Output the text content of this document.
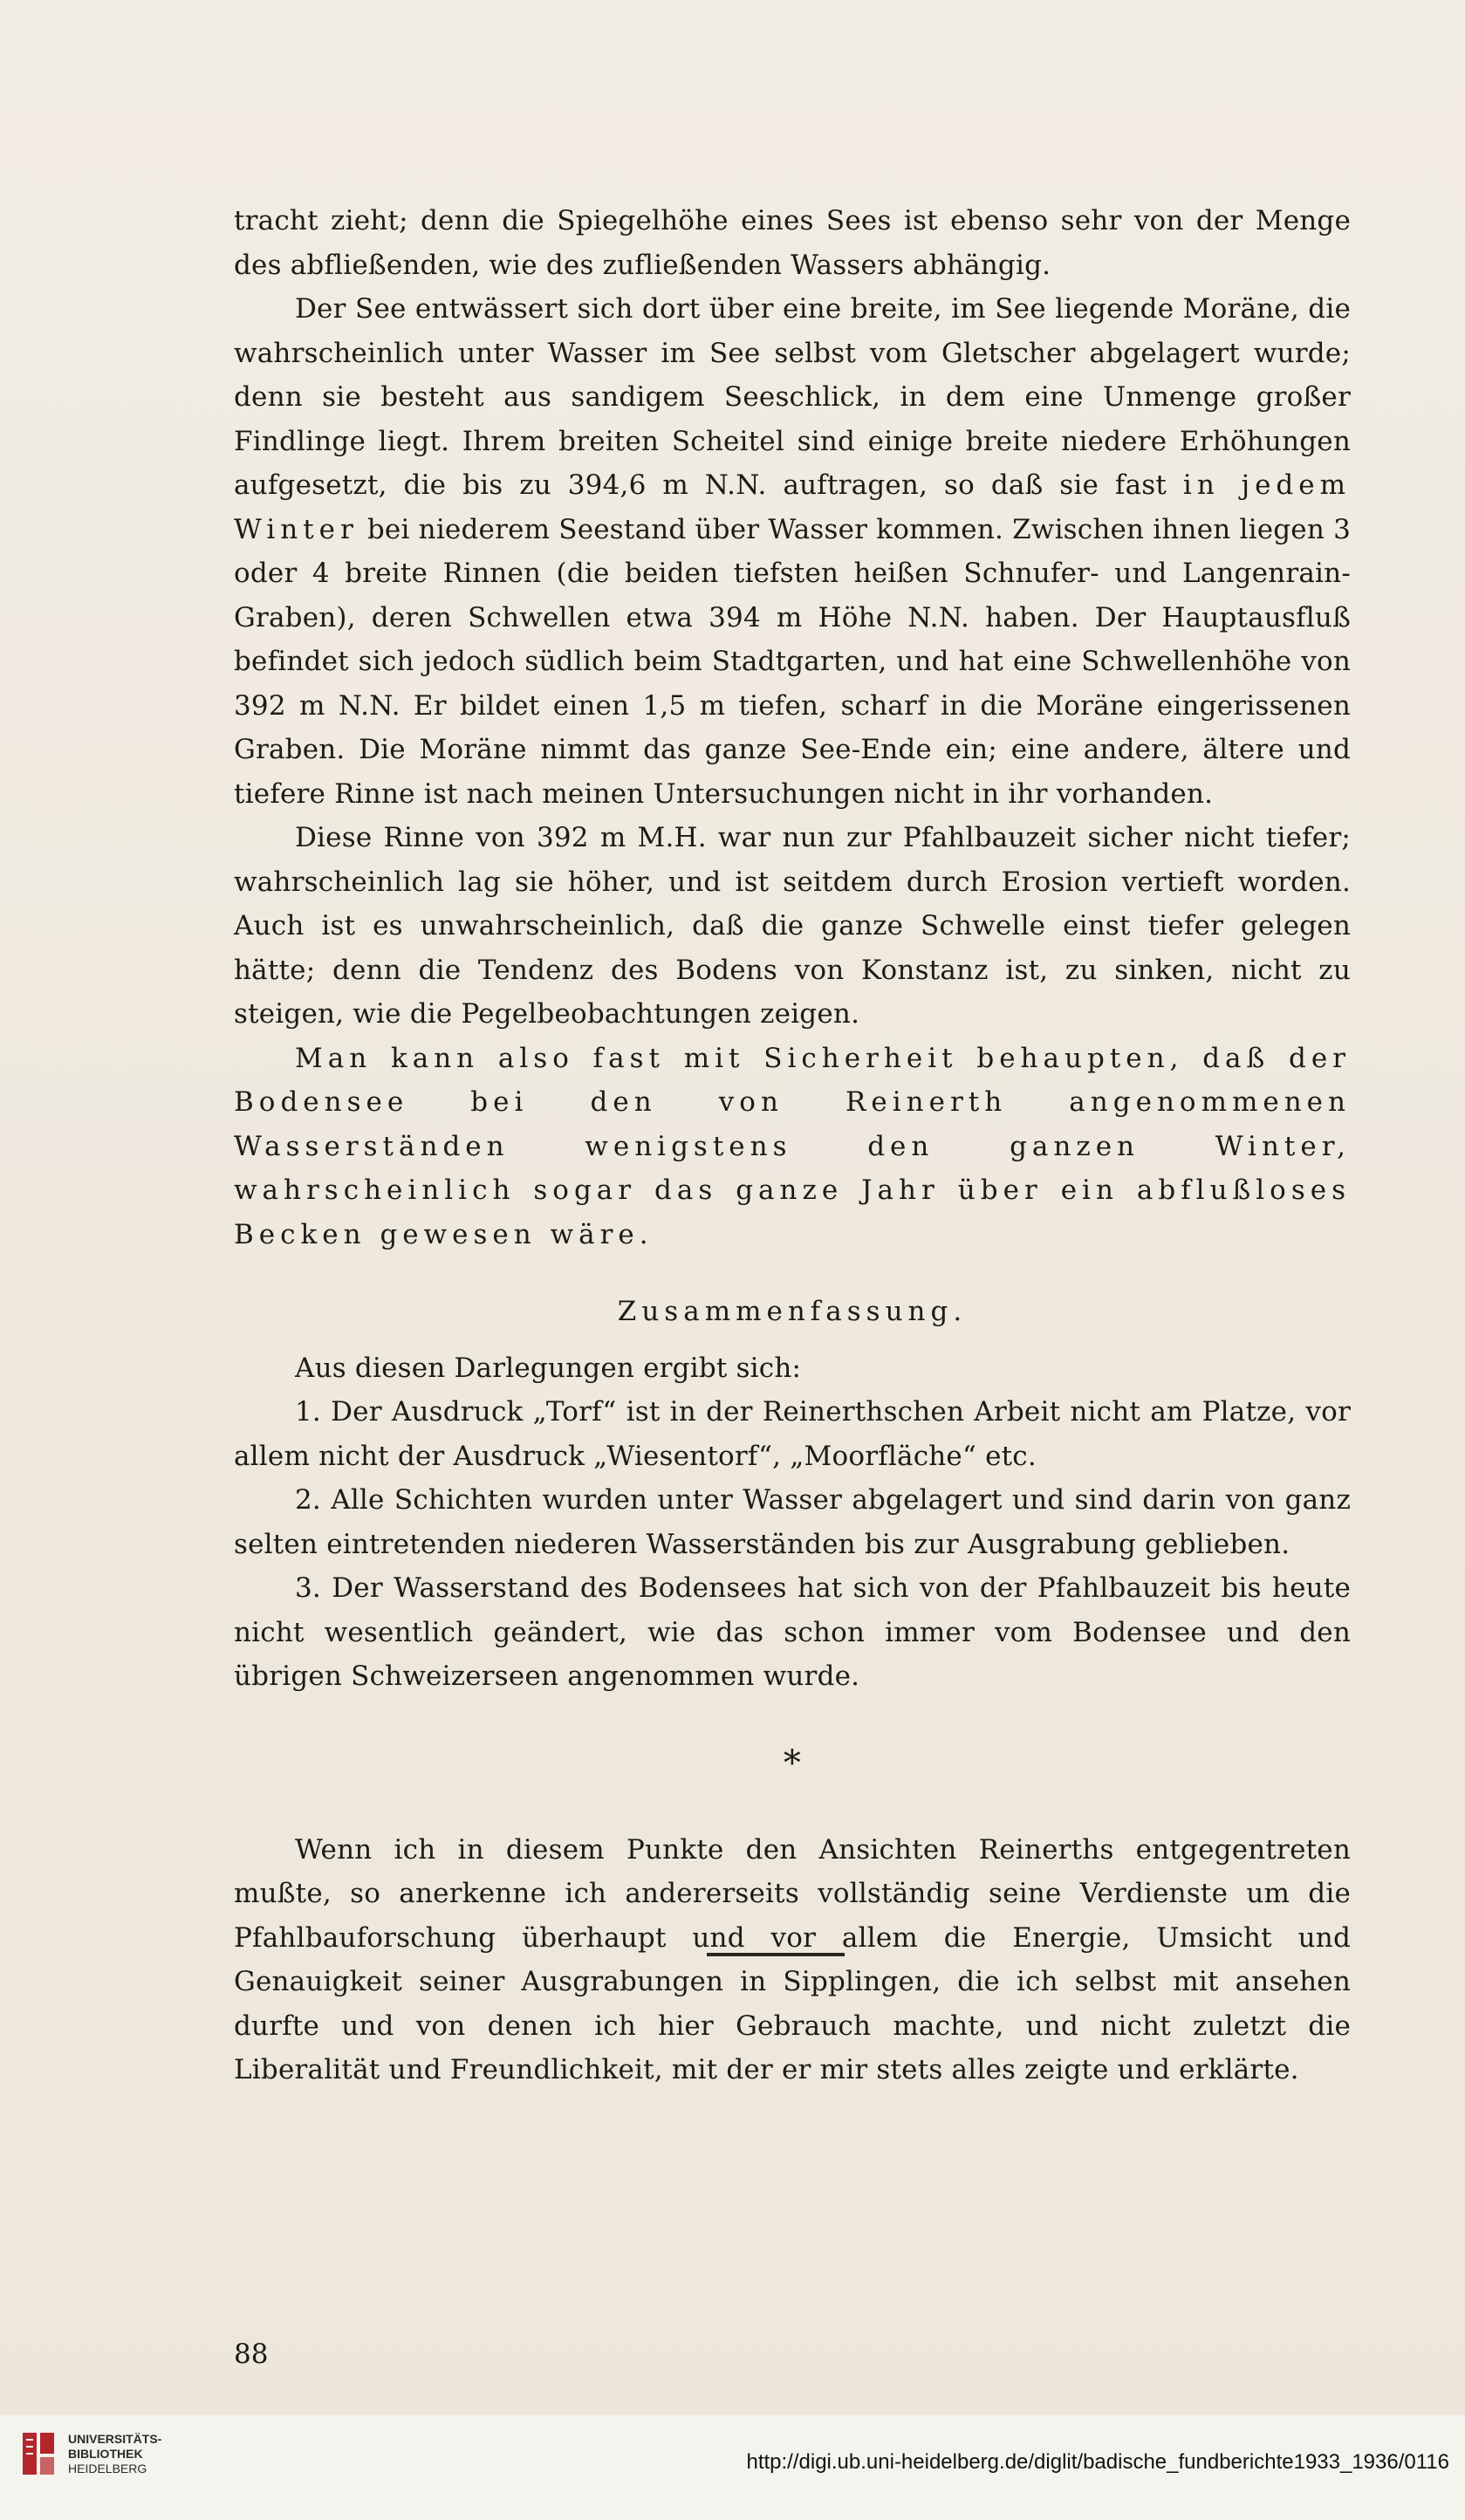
tracht zieht; denn die Spiegelhöhe eines Sees ist ebenso sehr von der Menge des abfließenden, wie des zufließenden Wassers abhängig.

Der See entwässert sich dort über eine breite, im See liegende Moräne, die wahrscheinlich unter Wasser im See selbst vom Gletscher abgelagert wurde; denn sie besteht aus sandigem Seeschlick, in dem eine Unmenge großer Findlinge liegt. Ihrem breiten Scheitel sind einige breite niedere Erhöhungen aufgesetzt, die bis zu 394,6 m N.N. auftragen, so daß sie fast in jedem Winter bei niederem Seestand über Wasser kommen. Zwischen ihnen liegen 3 oder 4 breite Rinnen (die beiden tiefsten heißen Schnufer- und Langenrain-Graben), deren Schwellen etwa 394 m Höhe N.N. haben. Der Hauptausfluß befindet sich jedoch südlich beim Stadtgarten, und hat eine Schwellenhöhe von 392 m N.N. Er bildet einen 1,5 m tiefen, scharf in die Moräne eingerissenen Graben. Die Moräne nimmt das ganze See-Ende ein; eine andere, ältere und tiefere Rinne ist nach meinen Untersuchungen nicht in ihr vorhanden.

Diese Rinne von 392 m M.H. war nun zur Pfahlbauzeit sicher nicht tiefer; wahrscheinlich lag sie höher, und ist seitdem durch Erosion vertieft worden. Auch ist es unwahrscheinlich, daß die ganze Schwelle einst tiefer gelegen hätte; denn die Tendenz des Bodens von Konstanz ist, zu sinken, nicht zu steigen, wie die Pegelbeobachtungen zeigen.

Man kann also fast mit Sicherheit behaupten, daß der Bodensee bei den von Reinerth angenommenen Wasserständen wenigstens den ganzen Winter, wahrscheinlich sogar das ganze Jahr über ein abflußloses Becken gewesen wäre.

Zusammenfassung.

Aus diesen Darlegungen ergibt sich:

1. Der Ausdruck „Torf“ ist in der Reinerthschen Arbeit nicht am Platze, vor allem nicht der Ausdruck „Wiesentorf“, „Moorfläche“ etc.

2. Alle Schichten wurden unter Wasser abgelagert und sind darin von ganz selten eintretenden niederen Wasserständen bis zur Ausgrabung geblieben.

3. Der Wasserstand des Bodensees hat sich von der Pfahlbauzeit bis heute nicht wesentlich geändert, wie das schon immer vom Bodensee und den übrigen Schweizerseen angenommen wurde.

*

Wenn ich in diesem Punkte den Ansichten Reinerths entgegentreten mußte, so anerkenne ich andererseits vollständig seine Verdienste um die Pfahlbauforschung überhaupt und vor allem die Energie, Umsicht und Genauigkeit seiner Ausgrabungen in Sipplingen, die ich selbst mit ansehen durfte und von denen ich hier Gebrauch machte, und nicht zuletzt die Liberalität und Freundlichkeit, mit der er mir stets alles zeigte und erklärte.

88
UNIVERSITÄTS-
BIBLIOTHEK
HEIDELBERG	http://digi.ub.uni-heidelberg.de/diglit/badische_fundberichte1933_1936/0116
